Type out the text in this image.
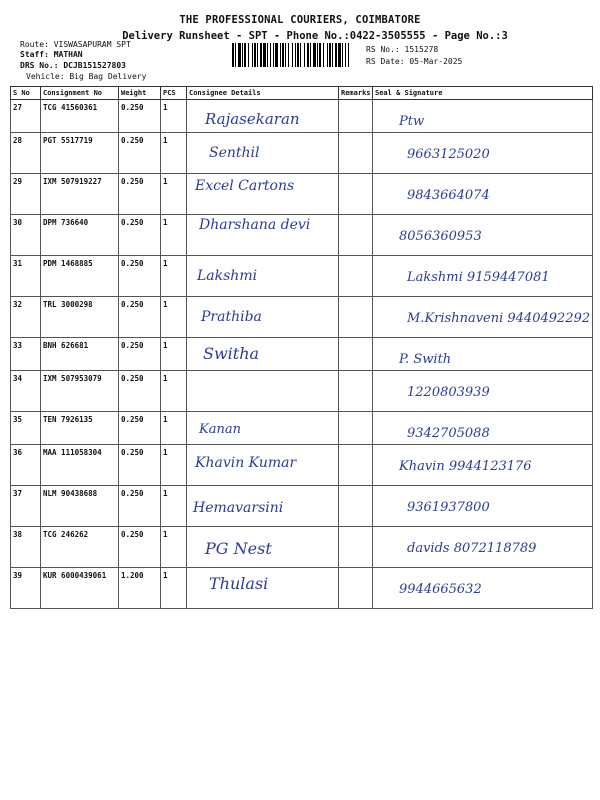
THE PROFESSIONAL COURIERS, COIMBATORE
Delivery Runsheet - SPT - Phone No.:0422-3505555 - Page No.:3
Route: VISWASAPURAM SPT
Staff: MATHAN
DRS No.: DCJB151527803
Vehicle: Big Bag Delivery
RS No.: 1515278
RS Date: 05-Mar-2025
S No	Consignment No	Weight	PCS	Consignee Details	Remarks	Seal & Signature
27	TCG 41560361	0.250	1	Rajasekaran		Ptw

28	PGT 5517719	0.250	1	Senthil		9663125020

29	IXM 507919227	0.250	1	Excel Cartons		9843664074

30	DPM 736640	0.250	1	Dharshana devi		8056360953

31	PDM 1468885	0.250	1	Lakshmi		Lakshmi 9159447081

32	TRL 3000298	0.250	1	Prathiba		M.Krishnaveni 9440492292

33	BNH 626681	0.250	1	Switha		P. Swith

34	IXM 507953079	0.250	1			1220803939

35	TEN 7926135	0.250	1	Kanan		9342705088

36	MAA 111058304	0.250	1	Khavin Kumar		Khavin 9944123176

37	NLM 90438688	0.250	1	Hemavarsini		9361937800

38	TCG 246262	0.250	1	PG Nest		davids 8072118789

39	KUR 6000439061	1.200	1	Thulasi		9944665632
